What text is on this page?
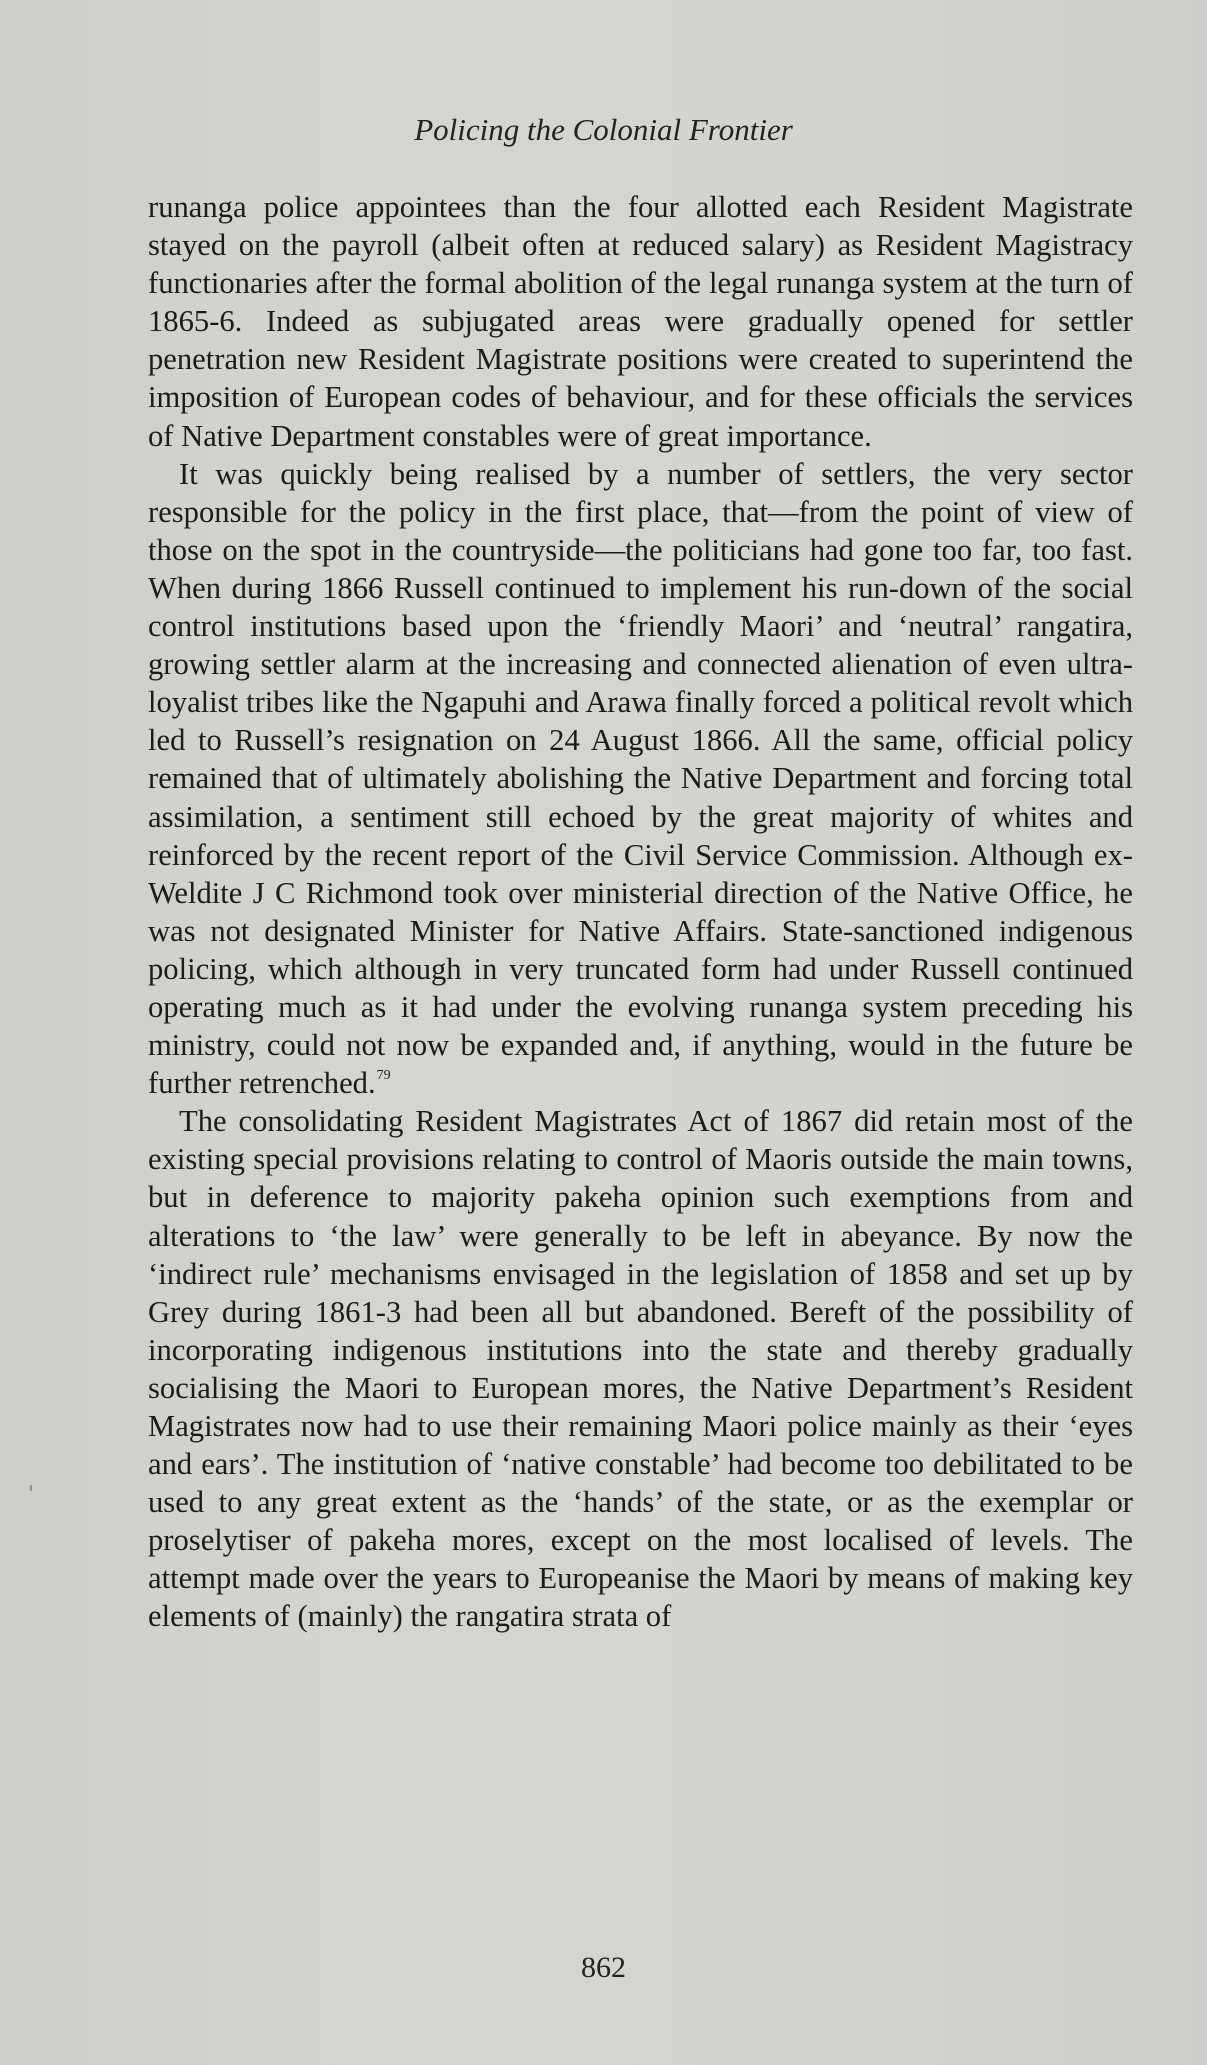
Policing the Colonial Frontier

runanga police appointees than the four allotted each Resident Magistrate stayed on the payroll (albeit often at reduced salary) as Resident Magistracy functionaries after the formal abolition of the legal runanga system at the turn of 1865-6. Indeed as subjugated areas were gradually opened for settler penetration new Resident Magistrate positions were created to superintend the imposition of European codes of behaviour, and for these officials the services of Native Department constables were of great importance.

It was quickly being realised by a number of settlers, the very sector responsible for the policy in the first place, that—from the point of view of those on the spot in the countryside—the politicians had gone too far, too fast. When during 1866 Russell continued to implement his run-down of the social control institutions based upon the ‘friendly Maori’ and ‘neutral’ rangatira, growing settler alarm at the increasing and connected alienation of even ultra-loyalist tribes like the Ngapuhi and Arawa finally forced a political revolt which led to Russell’s resignation on 24 August 1866. All the same, official policy remained that of ultimately abolishing the Native Department and forcing total assimilation, a sentiment still echoed by the great majority of whites and reinforced by the recent report of the Civil Service Commission. Although ex-Weldite J C Richmond took over ministerial direction of the Native Office, he was not designated Minister for Native Affairs. State-sanctioned indigenous policing, which although in very truncated form had under Russell continued operating much as it had under the evolving runanga system preceding his ministry, could not now be expanded and, if anything, would in the future be further retrenched.$^{79}$

The consolidating Resident Magistrates Act of 1867 did retain most of the existing special provisions relating to control of Maoris outside the main towns, but in deference to majority pakeha opinion such exemptions from and alterations to ‘the law’ were generally to be left in abeyance. By now the ‘indirect rule’ mechanisms envisaged in the legislation of 1858 and set up by Grey during 1861-3 had been all but abandoned. Bereft of the possibility of incorporating indigenous institutions into the state and thereby gradually socialising the Maori to European mores, the Native Department’s Resident Magistrates now had to use their remaining Maori police mainly as their ‘eyes and ears’. The institution of ‘native constable’ had become too debilitated to be used to any great extent as the ‘hands’ of the state, or as the exemplar or proselytiser of pakeha mores, except on the most localised of levels. The attempt made over the years to Europeanise the Maori by means of making key elements of (mainly) the rangatira strata of

862
